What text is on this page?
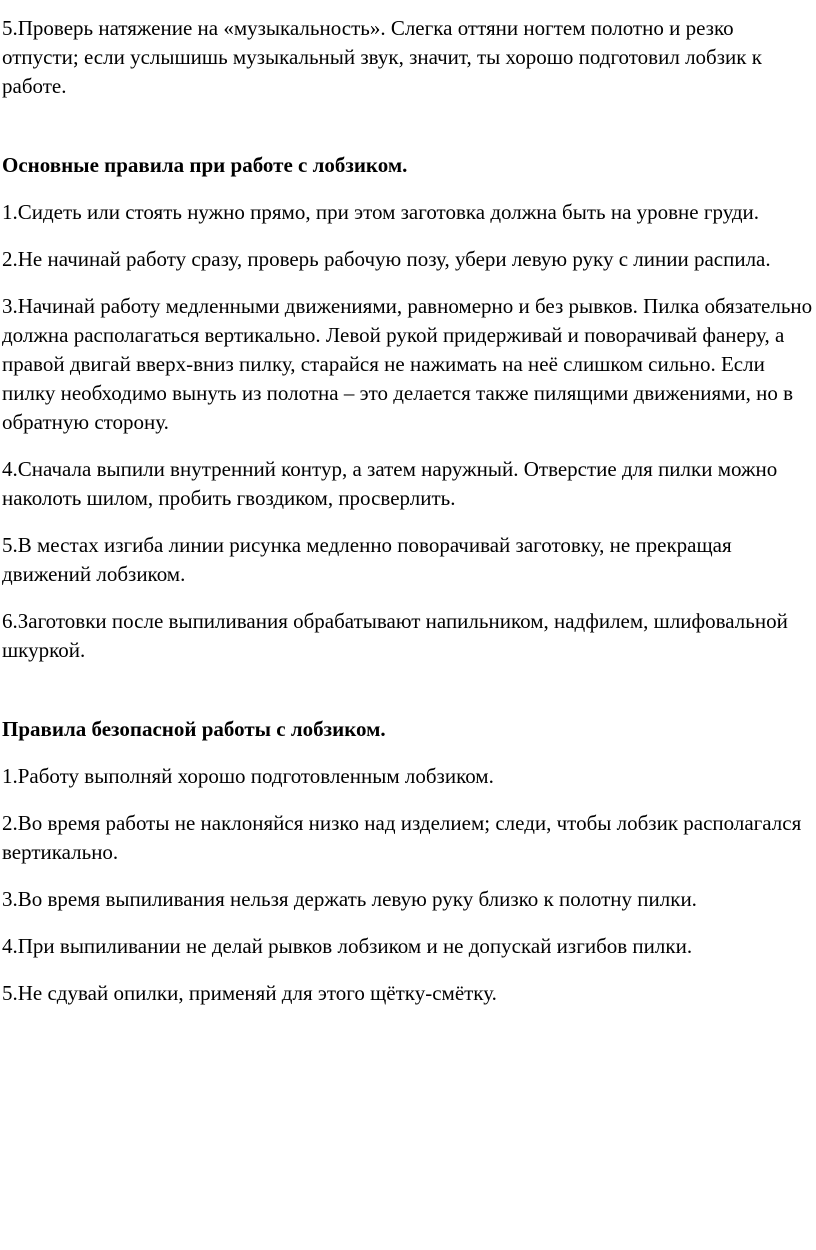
5.Проверь натяжение на «музыкальность». Слегка оттяни ногтем полотно и резко отпусти; если услышишь музыкальный звук, значит, ты хорошо подготовил лобзик к работе.

Основные правила при работе с лобзиком.

1.Сидеть или стоять нужно прямо, при этом заготовка должна быть на уровне груди.

2.Не начинай работу сразу, проверь рабочую позу, убери левую руку с линии распила.

3.Начинай работу медленными движениями, равномерно и без рывков. Пилка обязательно должна располагаться вертикально. Левой рукой придерживай и поворачивай фанеру, а правой двигай вверх-вниз пилку, старайся не нажимать на неё слишком сильно. Если пилку необходимо вынуть из полотна – это делается также пилящими движениями, но в обратную сторону.

4.Сначала выпили внутренний контур, а затем наружный. Отверстие для пилки можно наколоть шилом, пробить гвоздиком, просверлить.

5.В местах изгиба линии рисунка медленно поворачивай заготовку, не прекращая движений лобзиком.

6.Заготовки после выпиливания обрабатывают напильником, надфилем, шлифовальной шкуркой.

Правила безопасной работы с лобзиком.

1.Работу выполняй хорошо подготовленным лобзиком.

2.Во время работы не наклоняйся низко над изделием; следи, чтобы лобзик располагался вертикально.

3.Во время выпиливания нельзя держать левую руку близко к полотну пилки.

4.При выпиливании не делай рывков лобзиком и не допускай изгибов пилки.

5.Не сдувай опилки, применяй для этого щётку-смётку.
